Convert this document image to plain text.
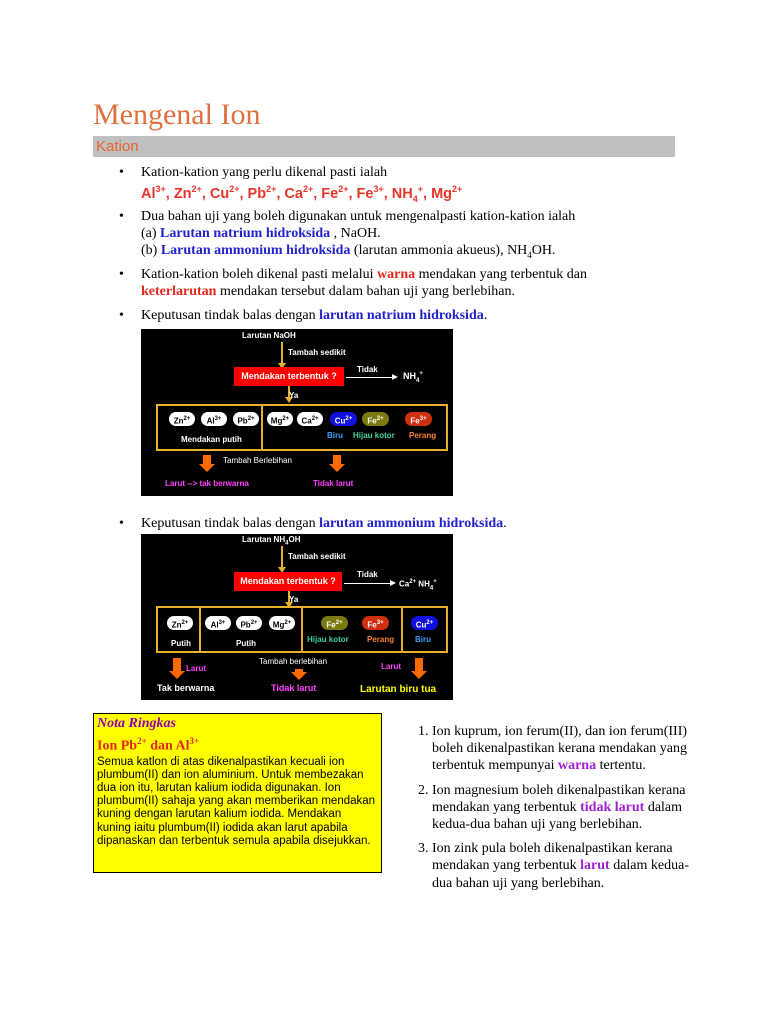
Mengenal Ion
Kation
• Kation-kation yang perlu dikenal pasti ialah
$Al^{3+}$, $Zn^{2+}$, $Cu^{2+}$, $Pb^{2+}$, $Ca^{2+}$, $Fe^{2+}$, $Fe^{3+}$, $NH_4^+$, $Mg^{2+}$
• Dua bahan uji yang boleh digunakan untuk mengenalpasti kation-kation ialah
(a) Larutan natrium hidroksida , NaOH.
(b) Larutan ammonium hidroksida (larutan ammonia akueus), $NH_4OH$.
• Kation-kation boleh dikenal pasti melalui warna mendakan yang terbentuk dan
keterlarutan mendakan tersebut dalam bahan uji yang berlebihan.
• Keputusan tindak balas dengan larutan natrium hidroksida.
Larutan NaOH
Tambah sedikit
Mendakan terbentuk ?
Tidak
$NH_4^+$
Ya
Mendakan putih
Tambah Berlebihan
Larut --> tak berwarna	Tidak larut
$Zn^{2+}$	$Al^{3+}$	$Pb^{2+}$	$Mg^{2+}$	$Ca^{2+}$	$Cu^{2+}$	$Fe^{2+}$	$Fe^{3+}$
Biru Hijau kotor Perang
• Keputusan tindak balas dengan larutan ammonium hidroksida.
Larutan $NH_4OH$
Tambah sedikit
Mendakan terbentuk ?
Tidak
$Ca^{2+}$ $NH_4^+$
Ya
Putih	Putih
Larut	Larut
Tambah berlebihan
Tak berwarna	Tidak larut	Larutan biru tua
$Zn^{2+}$	$Al^{3+}$	$Pb^{2+}$	$Mg^{2+}$	$Fe^{2+}$	$Fe^{3+}$	$Cu^{2+}$
Hijau kotor Perang	Biru
Nota Ringkas
Ion $Pb^{2+}$ dan $Al^{3+}$
Semua katlon di atas dikenalpastikan kecuali ion plumbum(II) dan ion aluminium. Untuk membezakan dua ion itu, larutan kalium iodida digunakan. Ion plumbum(II) sahaja yang akan memberikan mendakan kuning dengan larutan kalium iodida. Mendakan kuning iaitu plumbum(II) iodida akan larut apabila dipanaskan dan terbentuk semula apabila disejukkan.
1. Ion kuprum, ion ferum(II), dan ion ferum(III) boleh dikenalpastikan kerana mendakan yang terbentuk mempunyai warna tertentu.
2. Ion magnesium boleh dikenalpastikan kerana mendakan yang terbentuk tidak larut dalam kedua-dua bahan uji yang berlebihan.
3. Ion zink pula boleh dikenalpastikan kerana mendakan yang terbentuk larut dalam kedua-dua bahan uji yang berlebihan.
